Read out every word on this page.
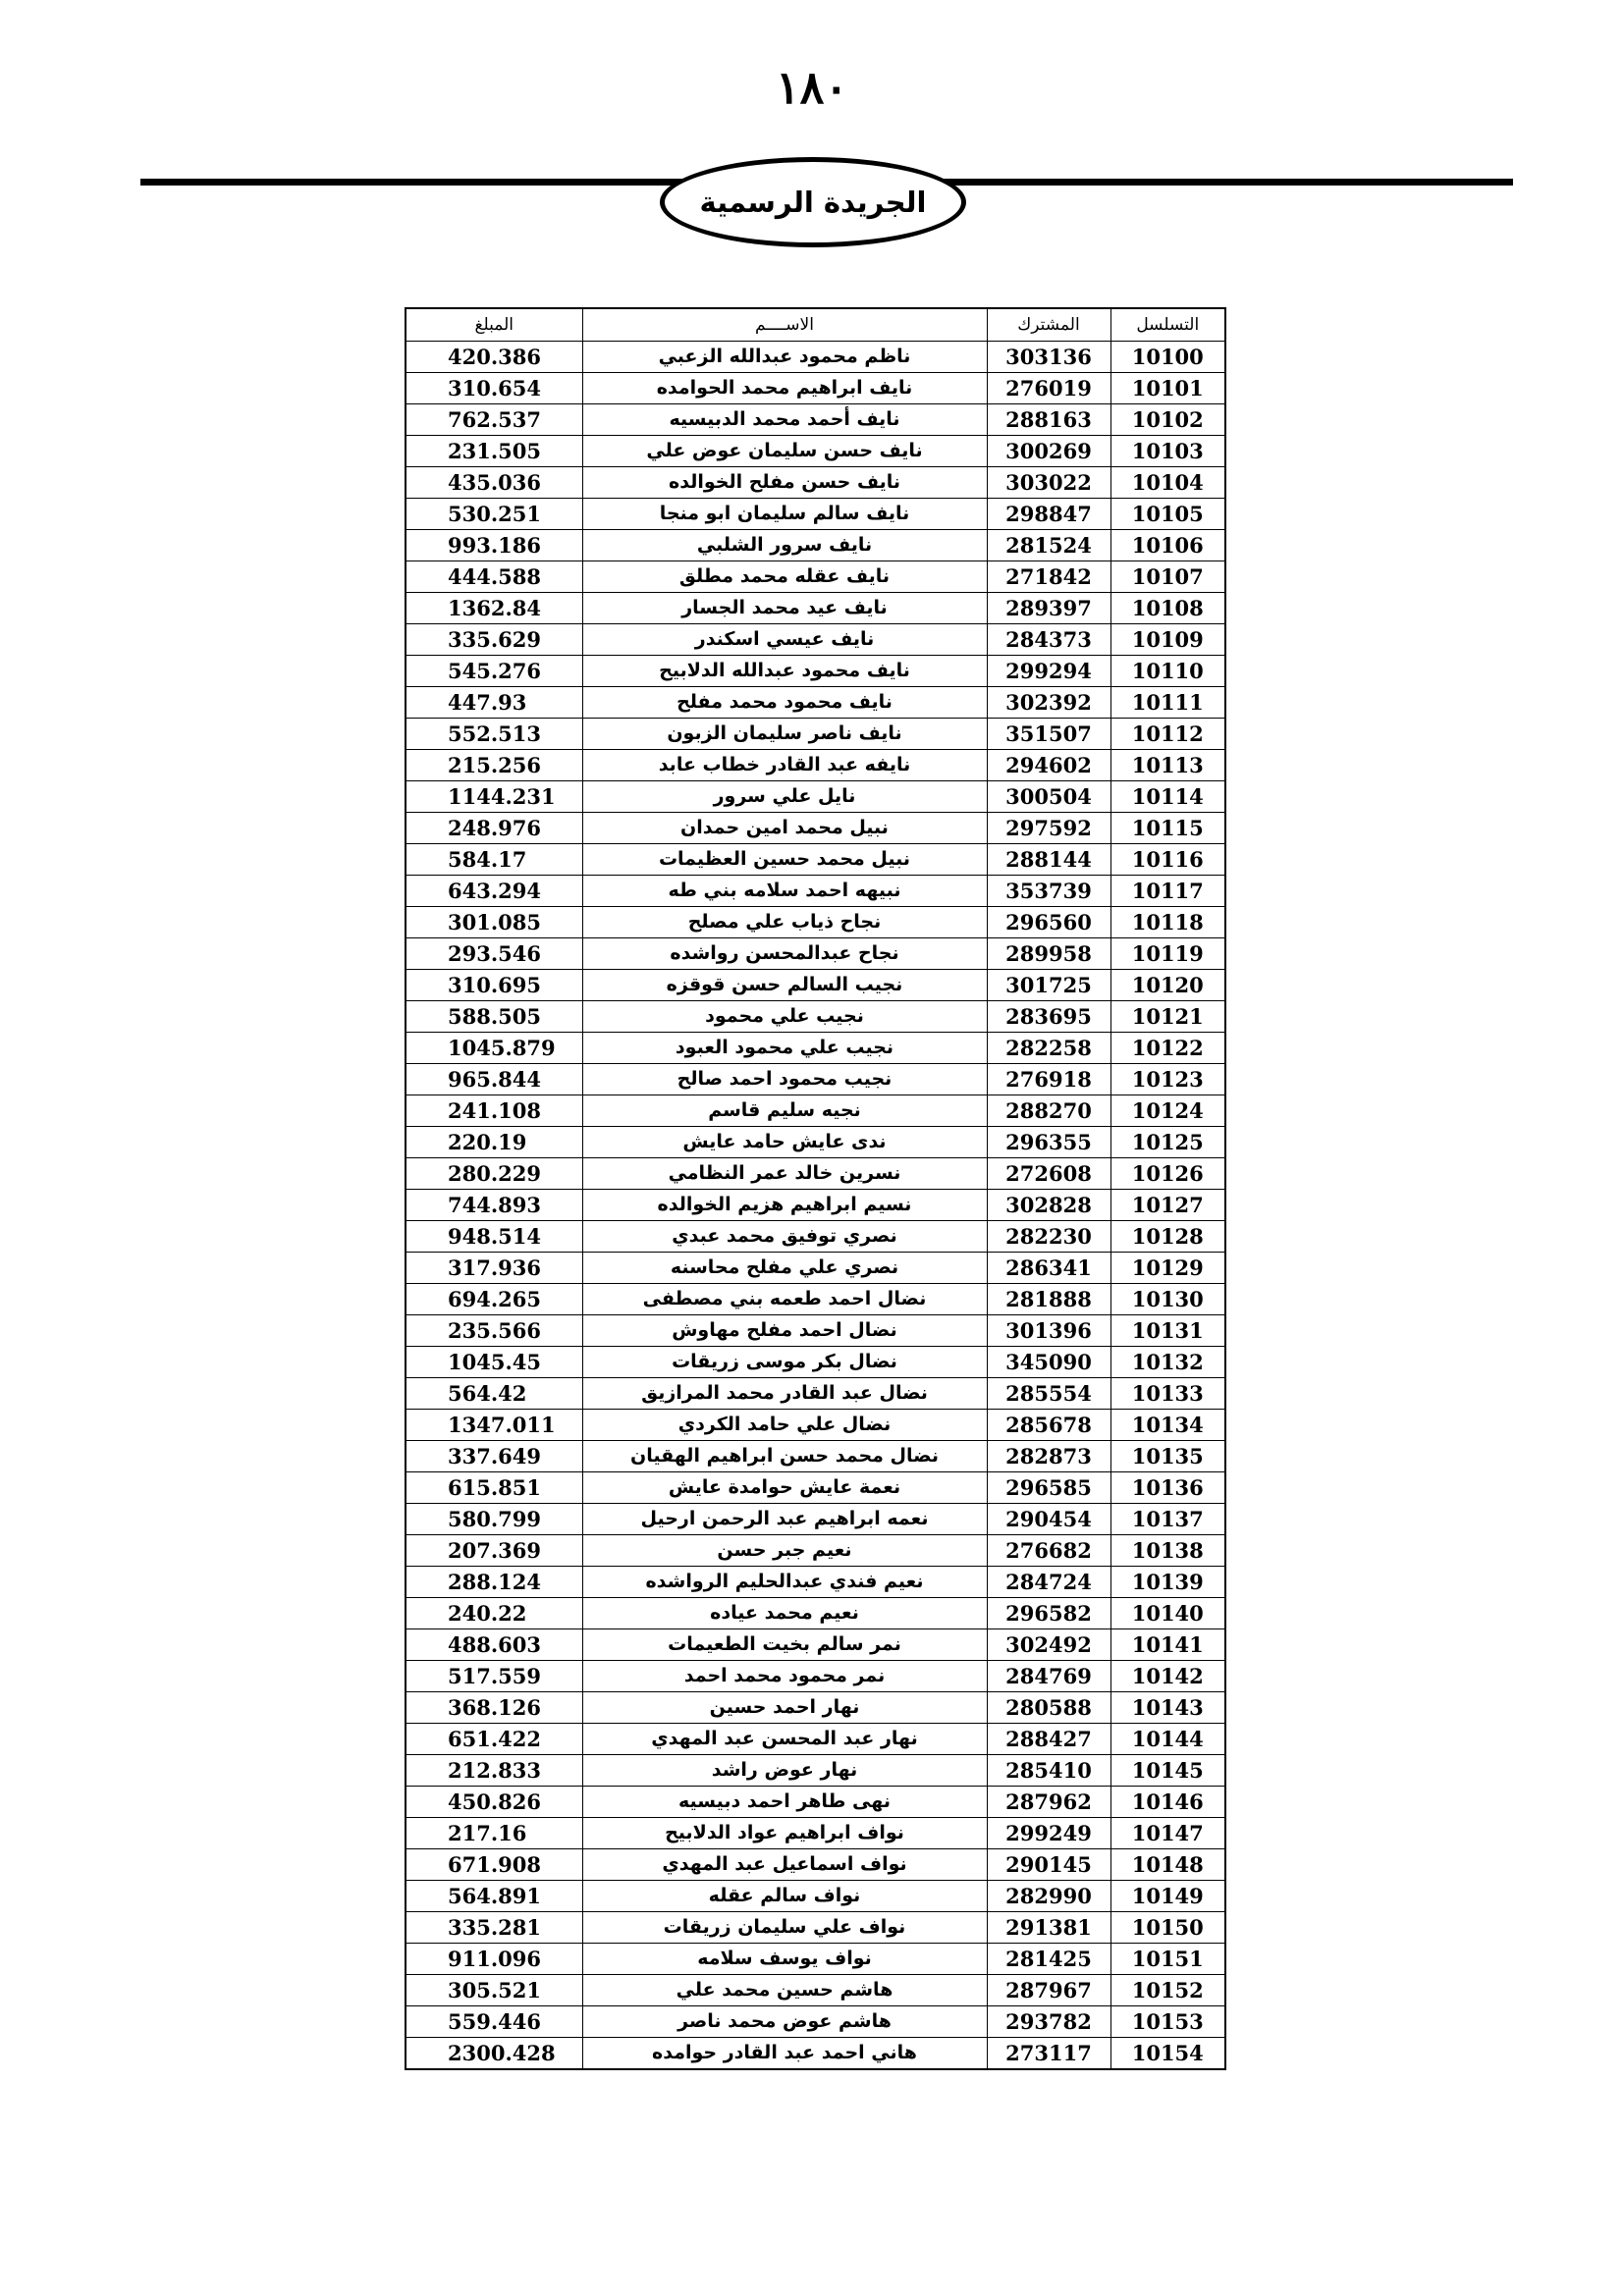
١٨٠
الجريدة الرسمية
المبلغ	الاســــم	المشترك	التسلسل
420.386	ناظم محمود عبدالله الزعبي	303136	10100
310.654	نايف ابراهيم محمد الحوامده	276019	10101
762.537	نايف أحمد محمد الدبيسيه	288163	10102
231.505	نايف حسن سليمان عوض علي	300269	10103
435.036	نايف حسن مفلح الخوالده	303022	10104
530.251	نايف سالم سليمان ابو منجا	298847	10105
993.186	نايف سرور الشلبي	281524	10106
444.588	نايف عقله محمد مطلق	271842	10107
1362.84	نايف عيد محمد الجسار	289397	10108
335.629	نايف عيسي اسكندر	284373	10109
545.276	نايف محمود عبدالله الدلابيح	299294	10110
447.93	نايف محمود محمد مفلح	302392	10111
552.513	نايف ناصر سليمان الزبون	351507	10112
215.256	نايفه عبد القادر خطاب عابد	294602	10113
1144.231	نايل علي سرور	300504	10114
248.976	نبيل محمد امين حمدان	297592	10115
584.17	نبيل محمد حسين العظيمات	288144	10116
643.294	نبيهه احمد سلامه بني طه	353739	10117
301.085	نجاح ذياب علي مصلح	296560	10118
293.546	نجاح عبدالمحسن رواشده	289958	10119
310.695	نجيب السالم حسن قوقزه	301725	10120
588.505	نجيب علي محمود	283695	10121
1045.879	نجيب علي محمود العبود	282258	10122
965.844	نجيب محمود احمد صالح	276918	10123
241.108	نجيه سليم قاسم	288270	10124
220.19	ندى عايش حامد عايش	296355	10125
280.229	نسرين خالد عمر النظامي	272608	10126
744.893	نسيم ابراهيم هزيم الخوالده	302828	10127
948.514	نصري توفيق محمد عبدي	282230	10128
317.936	نصري علي مفلح محاسنه	286341	10129
694.265	نضال احمد طعمه بني مصطفى	281888	10130
235.566	نضال احمد مفلح مهاوش	301396	10131
1045.45	نضال بكر موسى زريقات	345090	10132
564.42	نضال عبد القادر محمد المرازيق	285554	10133
1347.011	نضال علي حامد الكردي	285678	10134
337.649	نضال محمد حسن ابراهيم الهقيان	282873	10135
615.851	نعمة عايش حوامدة عايش	296585	10136
580.799	نعمه ابراهيم عبد الرحمن ارحيل	290454	10137
207.369	نعيم جبر حسن	276682	10138
288.124	نعيم فندي عبدالحليم الرواشده	284724	10139
240.22	نعيم محمد عياده	296582	10140
488.603	نمر سالم بخيت الطعيمات	302492	10141
517.559	نمر محمود محمد احمد	284769	10142
368.126	نهار احمد حسين	280588	10143
651.422	نهار عبد المحسن عبد المهدي	288427	10144
212.833	نهار عوض راشد	285410	10145
450.826	نهى طاهر احمد دبيسيه	287962	10146
217.16	نواف ابراهيم عواد الدلابيح	299249	10147
671.908	نواف اسماعيل عبد المهدي	290145	10148
564.891	نواف سالم عقله	282990	10149
335.281	نواف علي سليمان زريقات	291381	10150
911.096	نواف يوسف سلامه	281425	10151
305.521	هاشم حسين محمد علي	287967	10152
559.446	هاشم عوض محمد ناصر	293782	10153
2300.428	هاني احمد عبد القادر حوامده	273117	10154
